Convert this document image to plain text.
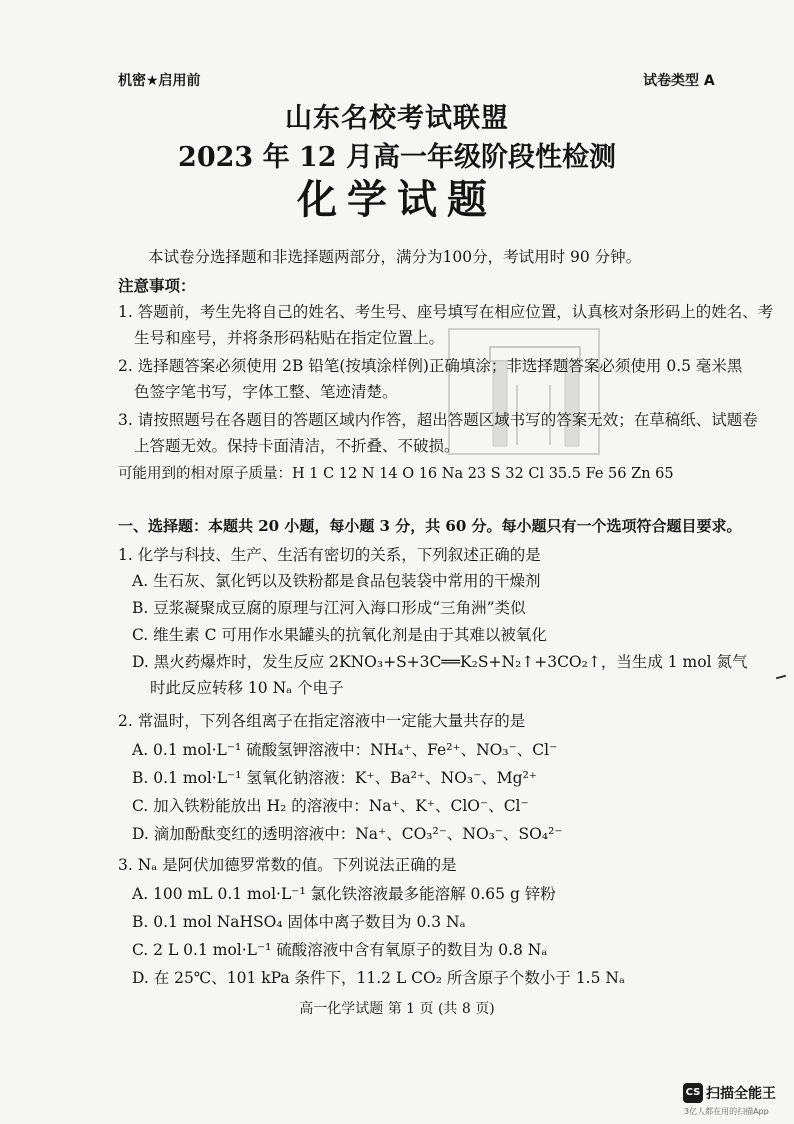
机密★启用前	试卷类型 A
山东名校考试联盟
2023 年 12 月高一年级阶段性检测
化学试题
本试卷分选择题和非选择题两部分，满分为100分，考试用时 90 分钟。
注意事项：
1. 答题前，考生先将自己的姓名、考生号、座号填写在相应位置，认真核对条形码上的姓名、考
生号和座号，并将条形码粘贴在指定位置上。
2. 选择题答案必须使用 2B 铅笔(按填涂样例)正确填涂；非选择题答案必须使用 0.5 毫米黑
色签字笔书写，字体工整、笔迹清楚。
3. 请按照题号在各题目的答题区域内作答，超出答题区域书写的答案无效；在草稿纸、试题卷
上答题无效。保持卡面清洁，不折叠、不破损。
可能用到的相对原子质量：H 1 C 12 N 14 O 16 Na 23 S 32 Cl 35.5 Fe 56 Zn 65
一、选择题：本题共 20 小题，每小题 3 分，共 60 分。每小题只有一个选项符合题目要求。
1. 化学与科技、生产、生活有密切的关系，下列叙述正确的是
A. 生石灰、氯化钙以及铁粉都是食品包装袋中常用的干燥剂
B. 豆浆凝聚成豆腐的原理与江河入海口形成“三角洲”类似
C. 维生素 C 可用作水果罐头的抗氧化剂是由于其难以被氧化
D. 黑火药爆炸时，发生反应 2KNO₃+S+3C══K₂S+N₂↑+3CO₂↑，当生成 1 mol 氮气
时此反应转移 10 Nₐ 个电子
2. 常温时，下列各组离子在指定溶液中一定能大量共存的是
A. 0.1 mol·L⁻¹ 硫酸氢钾溶液中：NH₄⁺、Fe²⁺、NO₃⁻、Cl⁻
B. 0.1 mol·L⁻¹ 氢氧化钠溶液：K⁺、Ba²⁺、NO₃⁻、Mg²⁺
C. 加入铁粉能放出 H₂ 的溶液中：Na⁺、K⁺、ClO⁻、Cl⁻
D. 滴加酚酞变红的透明溶液中：Na⁺、CO₃²⁻、NO₃⁻、SO₄²⁻
3. Nₐ 是阿伏加德罗常数的值。下列说法正确的是
A. 100 mL 0.1 mol·L⁻¹ 氯化铁溶液最多能溶解 0.65 g 锌粉
B. 0.1 mol NaHSO₄ 固体中离子数目为 0.3 Nₐ
C. 2 L 0.1 mol·L⁻¹ 硫酸溶液中含有氧原子的数目为 0.8 Nₐ
D. 在 25℃、101 kPa 条件下，11.2 L CO₂ 所含原子个数小于 1.5 Nₐ
高一化学试题 第 1 页 (共 8 页)
CS 扫描全能王
3亿人都在用的扫描App
